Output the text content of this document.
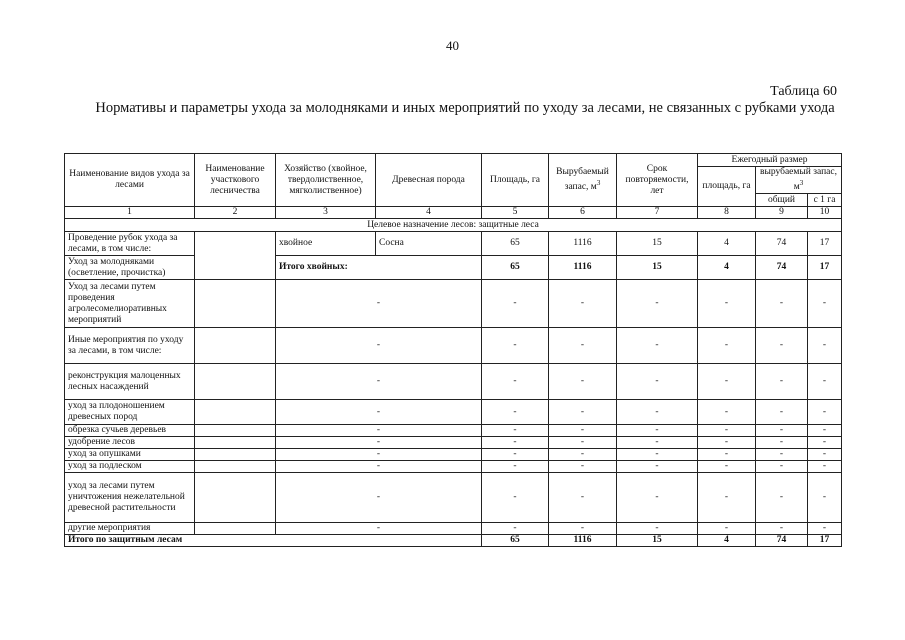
40
Таблица 60
Нормативы и параметры ухода за молодняками и иных мероприятий по уходу за лесами, не связанных с рубками ухода
Наименование видов ухода за лесами	Наименование участкового лесничества	Хозяйство (хвойное, твердолиственное, мягколиственное)	Древесная порода	Площадь, га	Вырубаемый запас, $м^3$	Срок повторяемости, лет	Ежегодный размер		
							площадь, га	вырубаемый запас, $м^3$
								общий	с 1 га
1	2	3	4	5	6	7	8	9	10
Целевое назначение лесов: защитные леса									
Проведение рубок ухода за лесами, в том числе:		хвойное	Сосна	65	1116	15	4	74	17
Уход за молодняками (осветление, прочистка)		Итого хвойных:		65	1116	15	4	74	17
Уход за лесами путем проведения агролесомелиоративных мероприятий		-		-	-	-	-	-	-
Иные мероприятия по уходу за лесами, в том числе:		-		-	-	-	-	-	-
реконструкция малоценных лесных насаждений		-		-	-	-	-	-	-
уход за плодоношением древесных пород		-		-	-	-	-	-	-
обрезка сучьев деревьев		-		-	-	-	-	-	-
удобрение лесов		-		-	-	-	-	-	-
уход за опушками		-		-	-	-	-	-	-
уход за подлеском		-		-	-	-	-	-	-
уход за лесами путем уничтожения нежелательной древесной растительности		-		-	-	-	-	-	-
другие мероприятия		-		-	-	-	-	-	-
Итого по защитным лесам				65	1116	15	4	74	17
